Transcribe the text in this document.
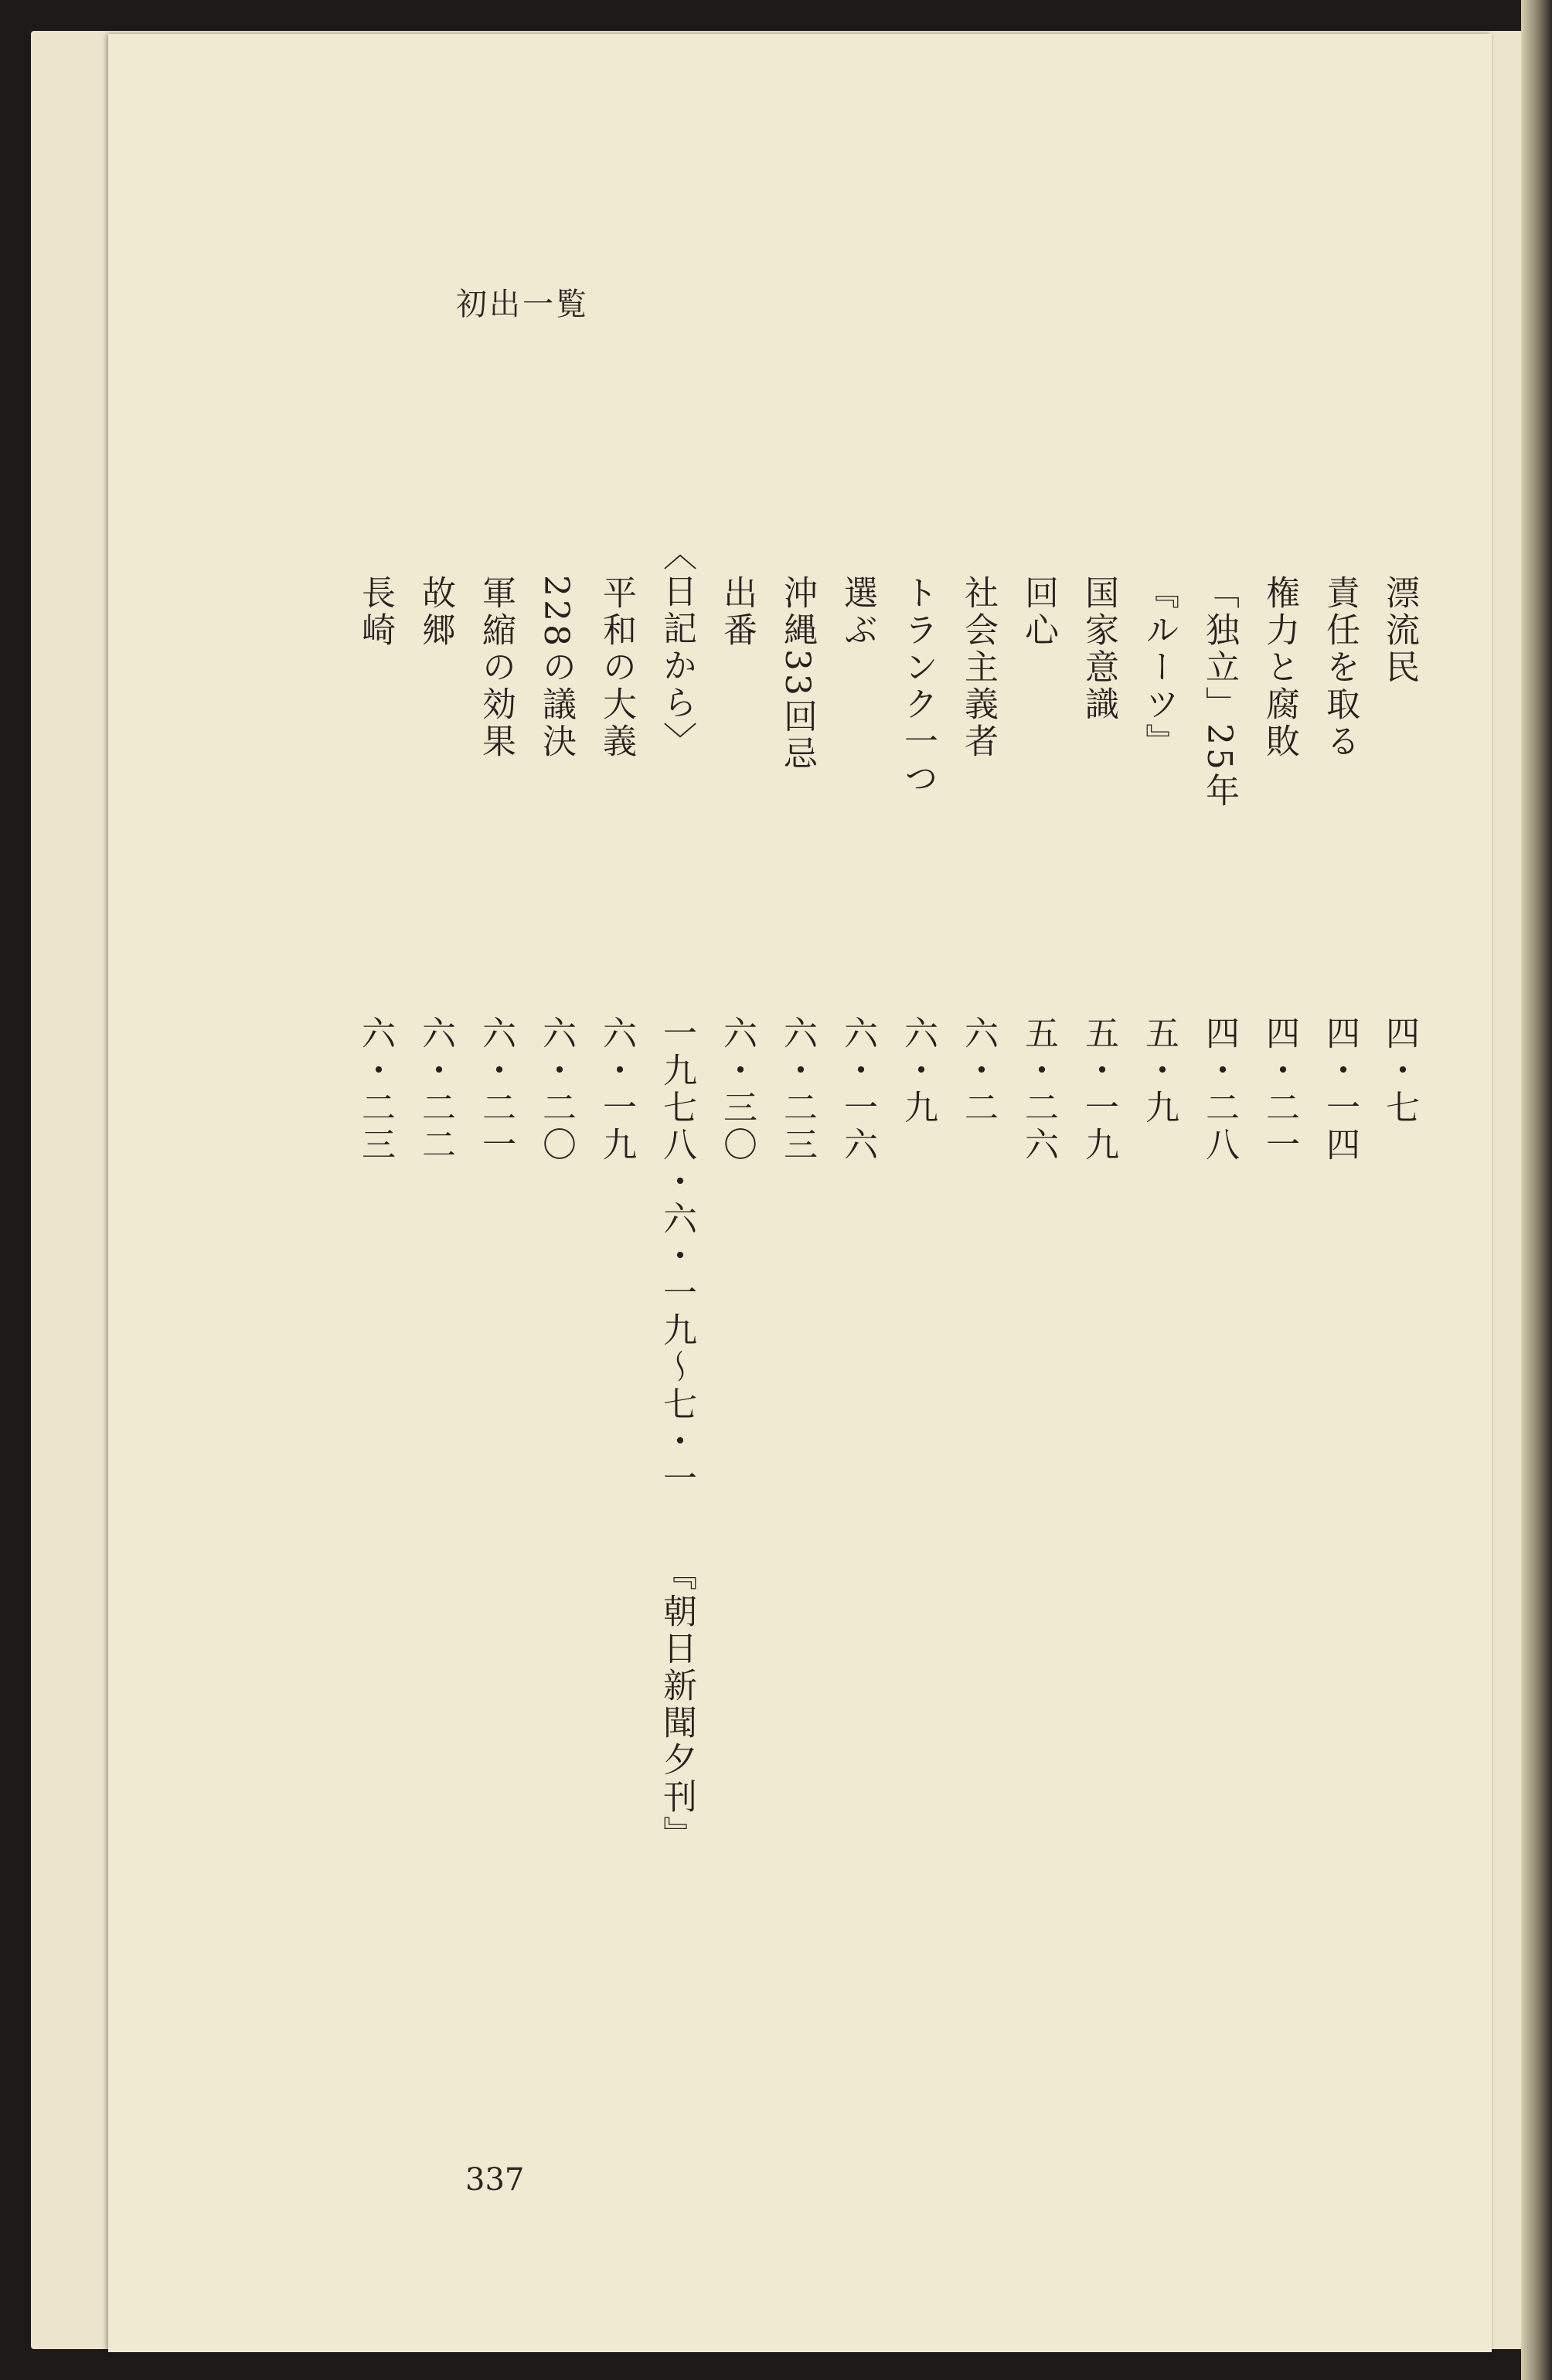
初出一覧
漂流民
四・七
責任を取る
四・一四
権力と腐敗
四・二一
「独立」25年
四・二八
『ルーツ』
五・九
国家意識
五・一九
回心
五・二六
社会主義者
六・二
トランク一つ
六・九
選ぶ
六・一六
沖縄33回忌
六・二三
出番
六・三〇
〈日記から〉
一九七八・六・一九〜七・一
『朝日新聞夕刊』
平和の大義
六・一九
228の議決
六・二〇
軍縮の効果
六・二一
故郷
六・二二
長崎
六・二三
337
